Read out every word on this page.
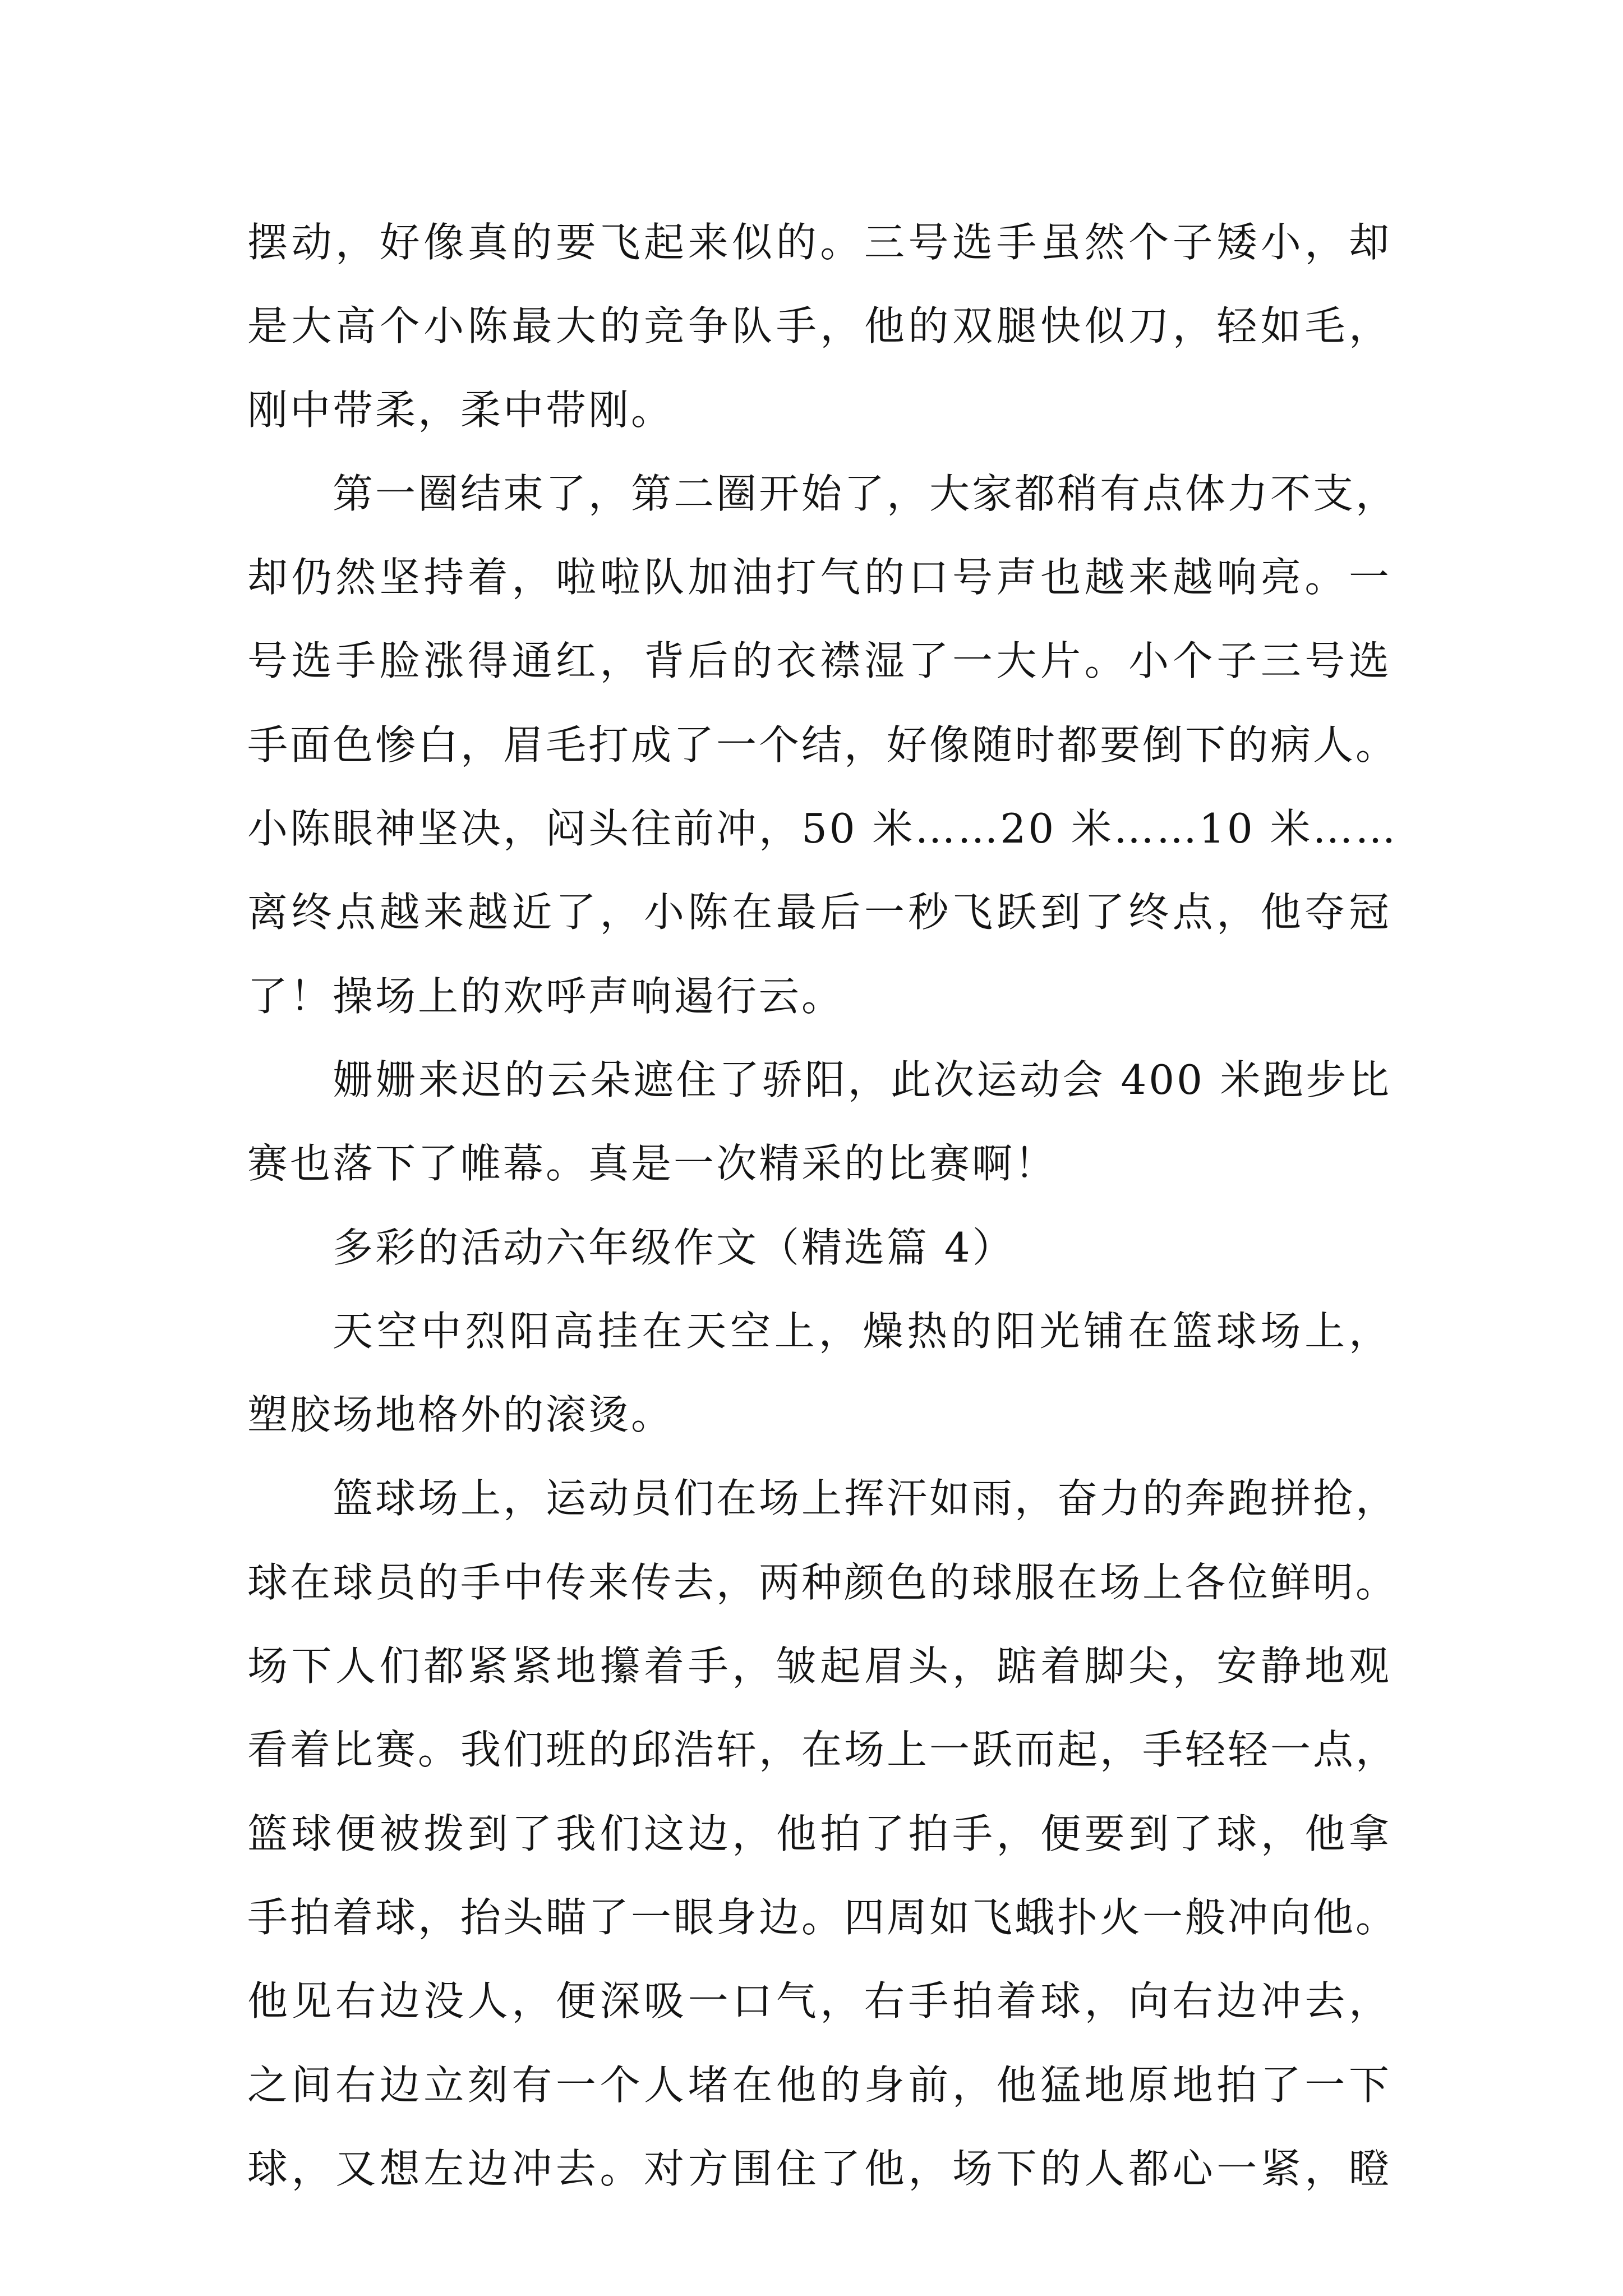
摆动，好像真的要飞起来似的。三号选手虽然个子矮小，却
是大高个小陈最大的竞争队手，他的双腿快似刀，轻如毛，
刚中带柔，柔中带刚。
第一圈结束了，第二圈开始了，大家都稍有点体力不支，
却仍然坚持着，啦啦队加油打气的口号声也越来越响亮。一
号选手脸涨得通红，背后的衣襟湿了一大片。小个子三号选
手面色惨白，眉毛打成了一个结，好像随时都要倒下的病人。
小陈眼神坚决，闷头往前冲，50 米……20 米……10 米……
离终点越来越近了，小陈在最后一秒飞跃到了终点，他夺冠
了！操场上的欢呼声响遏行云。
姗姗来迟的云朵遮住了骄阳，此次运动会 400 米跑步比
赛也落下了帷幕。真是一次精采的比赛啊！
多彩的活动六年级作文（精选篇 4）
天空中烈阳高挂在天空上，燥热的阳光铺在篮球场上，
塑胶场地格外的滚烫。
篮球场上，运动员们在场上挥汗如雨，奋力的奔跑拼抢，
球在球员的手中传来传去，两种颜色的球服在场上各位鲜明。
场下人们都紧紧地攥着手，皱起眉头，踮着脚尖，安静地观
看着比赛。我们班的邱浩轩，在场上一跃而起，手轻轻一点，
篮球便被拨到了我们这边，他拍了拍手，便要到了球，他拿
手拍着球，抬头瞄了一眼身边。四周如飞蛾扑火一般冲向他。
他见右边没人，便深吸一口气，右手拍着球，向右边冲去，
之间右边立刻有一个人堵在他的身前，他猛地原地拍了一下
球，又想左边冲去。对方围住了他，场下的人都心一紧，瞪
